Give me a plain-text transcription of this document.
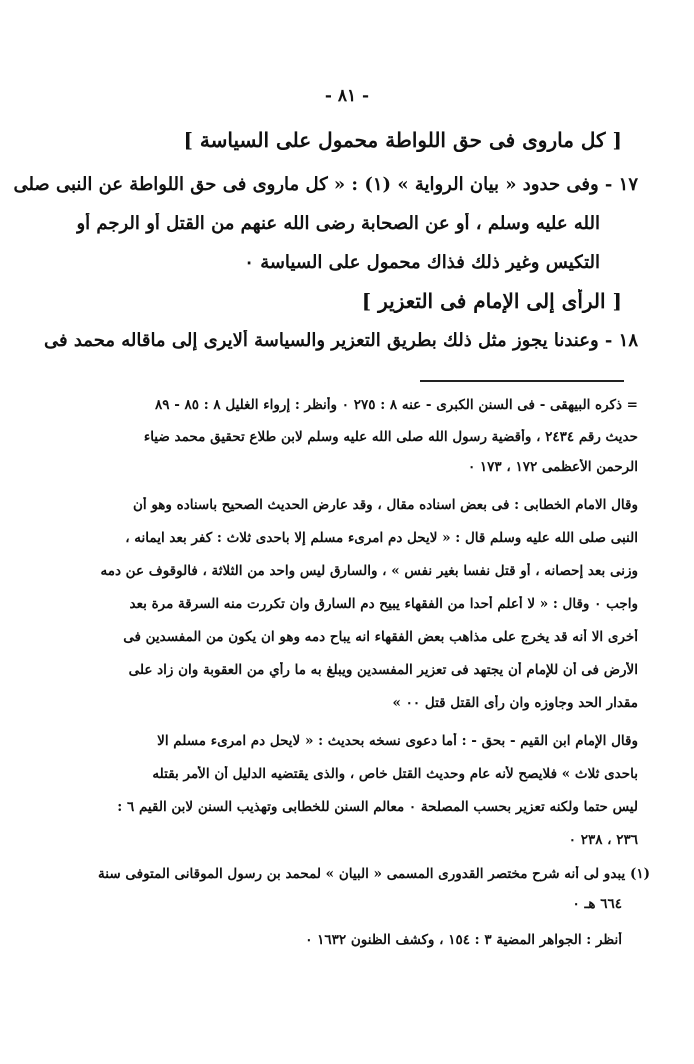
- ٨١ -
[ كل ماروى فى حق اللواطة محمول على السياسة ]
١٧ - وفى حدود « بيان الرواية » (١) : « كل ماروى فى حق اللواطة عن النبى صلى
الله عليه وسلم ، أو عن الصحابة رضى الله عنهم من القتل أو الرجم أو
التكيس وغير ذلك فذاك محمول على السياسة ٠
[ الرأى إلى الإمام فى التعزير ]
١٨ - وعندنا يجوز مثل ذلك بطريق التعزير والسياسة ألايرى إلى ماقاله محمد فى
= ذكره البيهقى - فى السنن الكبرى - عنه ٨ : ٢٧٥ ٠ وأنظر : إرواء الغليل ٨ : ٨٥ - ٨٩
حديث رقم ٢٤٣٤ ، وأقضية رسول الله صلى الله عليه وسلم لابن طلاع تحقيق محمد ضياء
الرحمن الأعظمى ١٧٢ ، ١٧٣ ٠
وقال الامام الخطابى : فى بعض اسناده مقال ، وقد عارض الحديث الصحيح باسناده وهو أن
النبى صلى الله عليه وسلم قال : « لايحل دم امرىء مسلم إلا باحدى ثلاث : كفر بعد ايمانه ،
وزنى بعد إحصانه ، أو قتل نفسا بغير نفس » ، والسارق ليس واحد من الثلاثة ، فالوقوف عن دمه
واجب ٠ وقال : « لا أعلم أحدا من الفقهاء يبيح دم السارق وان تكررت منه السرقة مرة بعد
أخرى الا أنه قد يخرج على مذاهب بعض الفقهاء انه يباح دمه وهو ان يكون من المفسدين فى
الأرض فى أن للإمام أن يجتهد فى تعزير المفسدين ويبلغ به ما رأي من العقوبة وان زاد على
مقدار الحد وجاوزه وان رأى القتل قتل ٠٠ »
وقال الإمام ابن القيم - بحق - : أما دعوى نسخه بحديث : « لايحل دم امرىء مسلم الا
باحدى ثلاث » فلايصح لأنه عام وحديث القتل خاص ، والذى يقتضيه الدليل أن الأمر بقتله
ليس حتما ولكنه تعزير بحسب المصلحة ٠ معالم السنن للخطابى وتهذيب السنن لابن القيم ٦ :
٢٣٦ ، ٢٣٨ ٠
(١) يبدو لى أنه شرح مختصر القدورى المسمى « البيان » لمحمد بن رسول الموقانى المتوفى سنة
٦٦٤ هـ ٠
أنظر : الجواهر المضية ٣ : ١٥٤ ، وكشف الظنون ١٦٣٢ ٠
